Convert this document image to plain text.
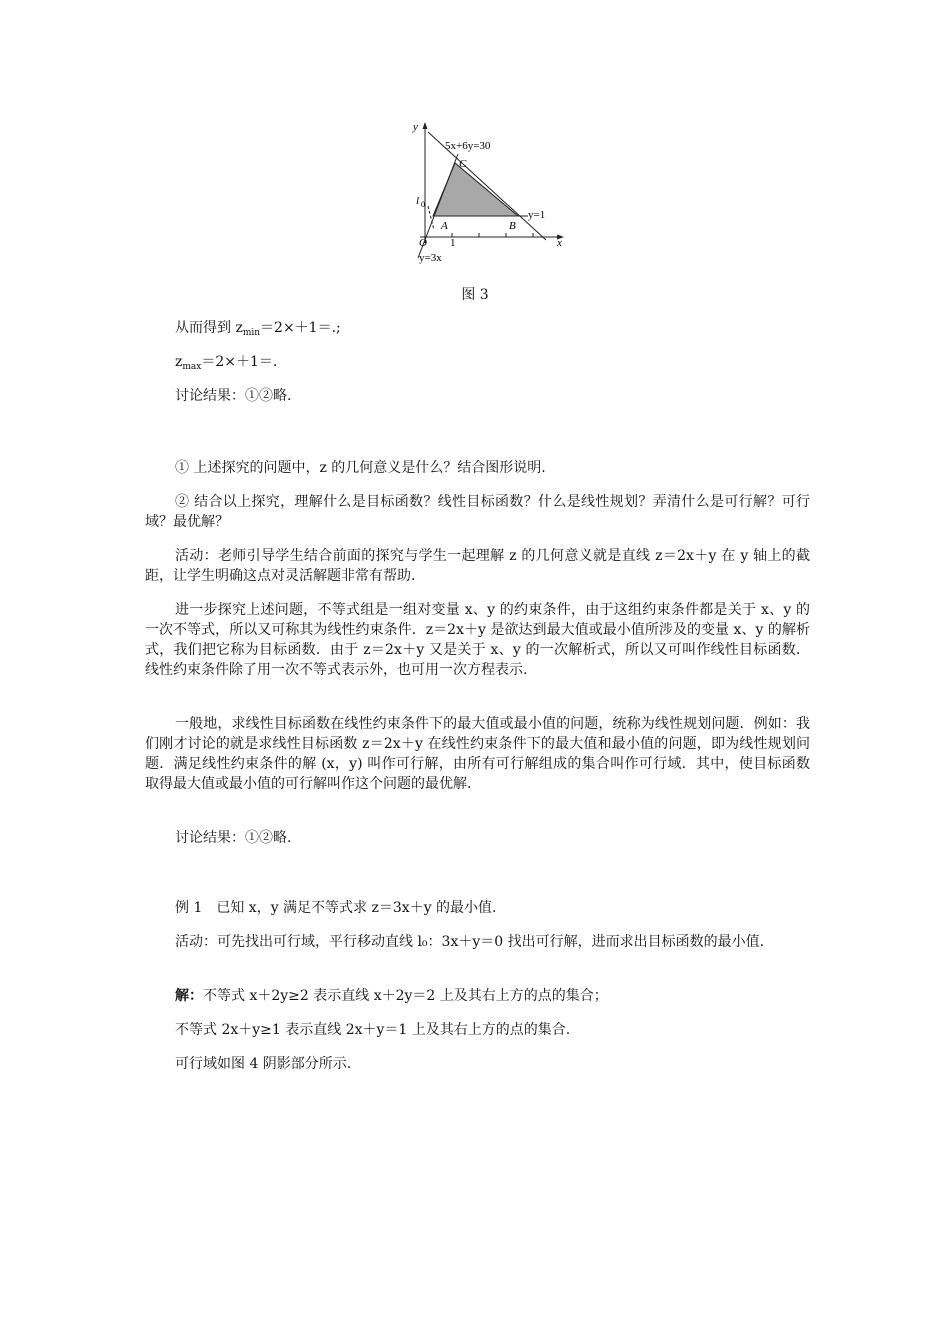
y
x
5x+6y=30
C
l 0
A	B
y=1
O 1
y=3x
图 3

从而得到 $z_{min}=2\times+1=$.;

$z_{max}=2\times+1=$.

讨论结果：①②略.

① 上述探究的问题中，z 的几何意义是什么？结合图形说明.

② 结合以上探究，理解什么是目标函数？线性目标函数？什么是线性规划？弄清什么是可行解？可行域？最优解？

活动：老师引导学生结合前面的探究与学生一起理解 z 的几何意义就是直线 z＝2x＋y 在 y 轴上的截距，让学生明确这点对灵活解题非常有帮助.

进一步探究上述问题，不等式组是一组对变量 x、y 的约束条件，由于这组约束条件都是关于 x、y 的一次不等式，所以又可称其为线性约束条件．z＝2x＋y 是欲达到最大值或最小值所涉及的变量 x、y 的解析式，我们把它称为目标函数．由于 z＝2x＋y 又是关于 x、y 的一次解析式，所以又可叫作线性目标函数．线性约束条件除了用一次不等式表示外，也可用一次方程表示.

一般地，求线性目标函数在线性约束条件下的最大值或最小值的问题，统称为线性规划问题．例如：我们刚才讨论的就是求线性目标函数 z＝2x＋y 在线性约束条件下的最大值和最小值的问题，即为线性规划问题．满足线性约束条件的解 (x，y) 叫作可行解，由所有可行解组成的集合叫作可行域．其中，使目标函数取得最大值或最小值的可行解叫作这个问题的最优解.

讨论结果：①②略.

例 1　已知 x，y 满足不等式求 z＝3x＋y 的最小值.

活动：可先找出可行域，平行移动直线 l₀：3x＋y＝0 找出可行解，进而求出目标函数的最小值.

解：不等式 x＋2y≥2 表示直线 x＋2y＝2 上及其右上方的点的集合；

不等式 2x＋y≥1 表示直线 2x＋y＝1 上及其右上方的点的集合.

可行域如图 4 阴影部分所示.
